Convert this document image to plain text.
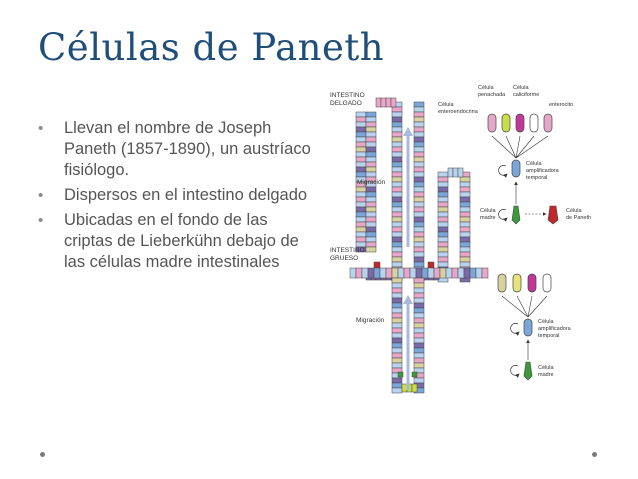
Células de Paneth
• Llevan el nombre de Joseph Paneth (1857-1890), un austríaco fisiólogo.
• Dispersos en el intestino delgado
• Ubicadas en el fondo de las criptas de Lieberkühn debajo de las células madre intestinales
INTESTINO
DELGADO
Migración
Célula
penachada
Célula
caliciforme
enterocito
Célula
enteroendocrina
Célula
amplificadora
temporal
Célula
madre
Célula
de Paneth
INTESTINO
GRUESO
Migración	Célula
amplificadora
temporal
Célula
madre
